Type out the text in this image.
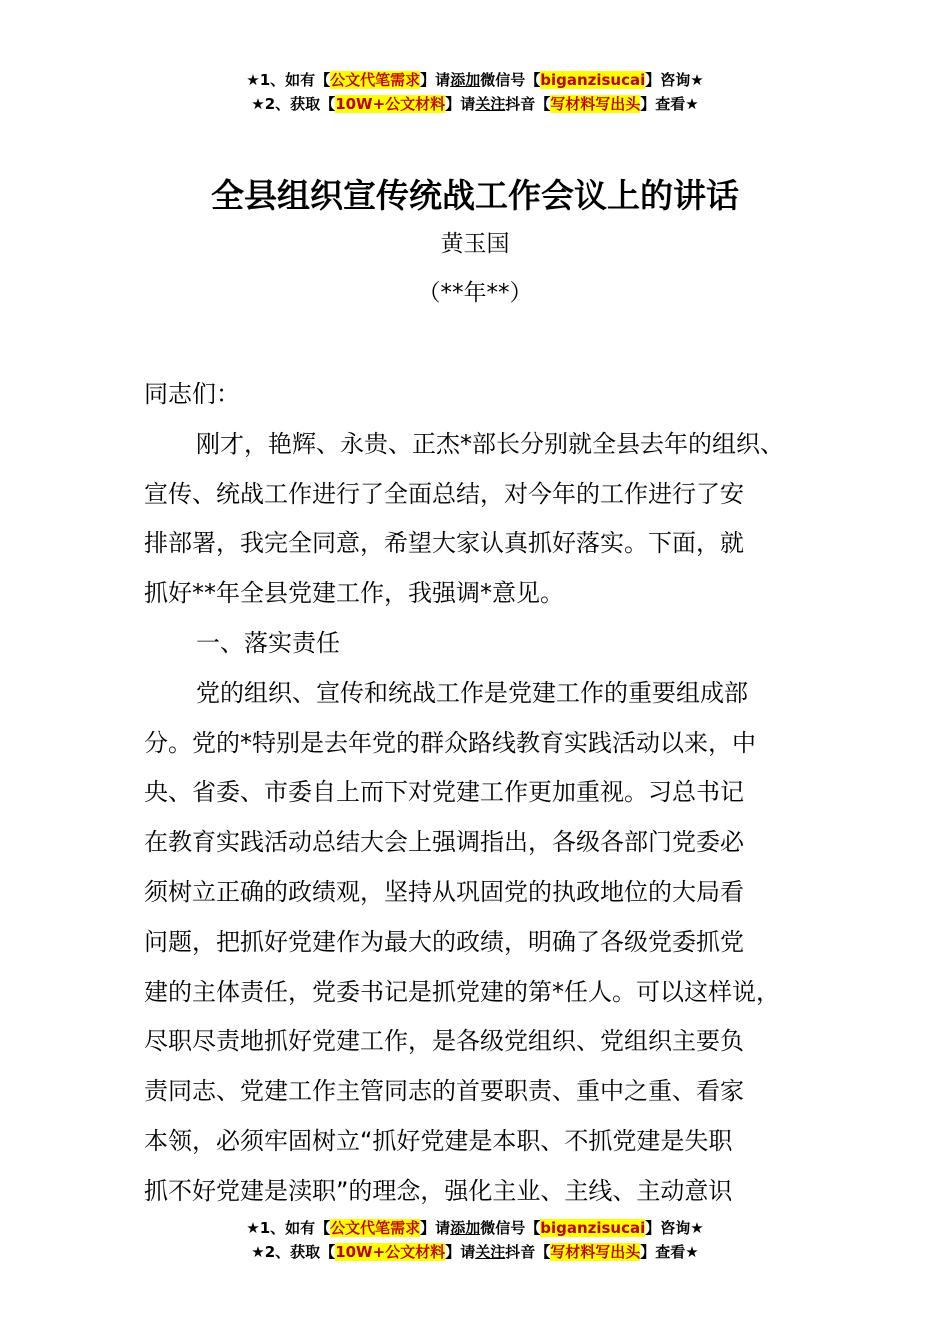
★1、如有【公文代笔需求】请添加微信号【biganzisucai】咨询★
★2、获取【10W+公文材料】请关注抖音【写材料写出头】查看★
全县组织宣传统战工作会议上的讲话
黄玉国
（**年**）
同志们：
刚才，艳辉、永贵、正杰*部长分别就全县去年的组织、
宣传、统战工作进行了全面总结，对今年的工作进行了安
排部署，我完全同意，希望大家认真抓好落实。下面，就
抓好**年全县党建工作，我强调*意见。
一、落实责任
党的组织、宣传和统战工作是党建工作的重要组成部
分。党的*特别是去年党的群众路线教育实践活动以来，中
央、省委、市委自上而下对党建工作更加重视。习总书记
在教育实践活动总结大会上强调指出，各级各部门党委必
须树立正确的政绩观，坚持从巩固党的执政地位的大局看
问题，把抓好党建作为最大的政绩，明确了各级党委抓党
建的主体责任，党委书记是抓党建的第*任人。可以这样说，
尽职尽责地抓好党建工作，是各级党组织、党组织主要负
责同志、党建工作主管同志的首要职责、重中之重、看家
本领，必须牢固树立“抓好党建是本职、不抓党建是失职
抓不好党建是渎职”的理念，强化主业、主线、主动意识
★1、如有【公文代笔需求】请添加微信号【biganzisucai】咨询★
★2、获取【10W+公文材料】请关注抖音【写材料写出头】查看★
